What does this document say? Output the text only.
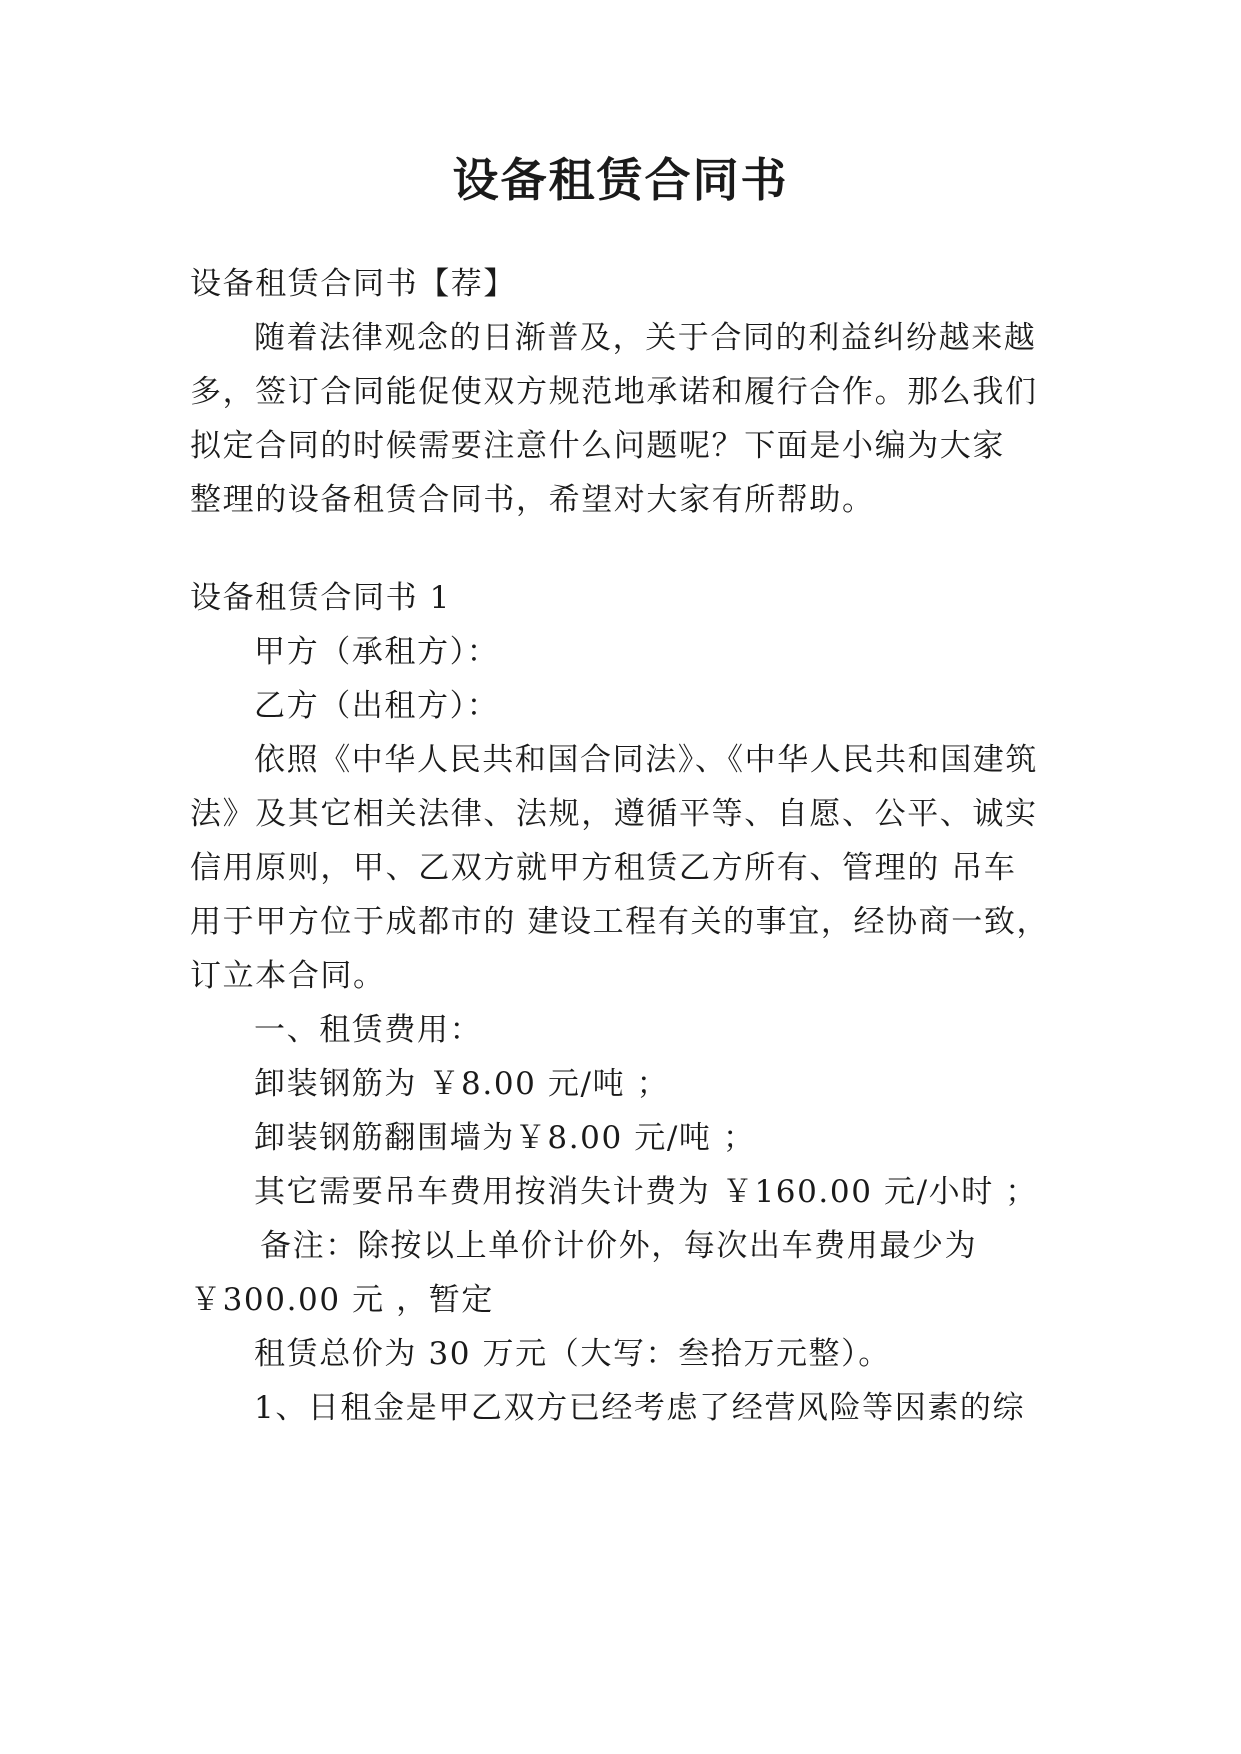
设备租赁合同书
设备租赁合同书【荐】
随着法律观念的日渐普及，关于合同的利益纠纷越来越
多，签订合同能促使双方规范地承诺和履行合作。那么我们
拟定合同的时候需要注意什么问题呢？下面是小编为大家
整理的设备租赁合同书，希望对大家有所帮助。
设备租赁合同书 1
甲方（承租方）：
乙方（出租方）：
依照《中华人民共和国合同法》、《中华人民共和国建筑
法》及其它相关法律、法规，遵循平等、自愿、公平、诚实
信用原则，甲、乙双方就甲方租赁乙方所有、管理的 吊车
用于甲方位于成都市的 建设工程有关的事宜，经协商一致，
订立本合同。
一、租赁费用：
卸装钢筋为 ￥8.00 元/吨 ；
卸装钢筋翻围墙为￥8.00 元/吨 ；
其它需要吊车费用按消失计费为 ￥160.00 元/小时 ；
备注：除按以上单价计价外，每次出车费用最少为
￥300.00 元 ，暂定
租赁总价为 30 万元（大写：叁拾万元整）。
1、日租金是甲乙双方已经考虑了经营风险等因素的综
